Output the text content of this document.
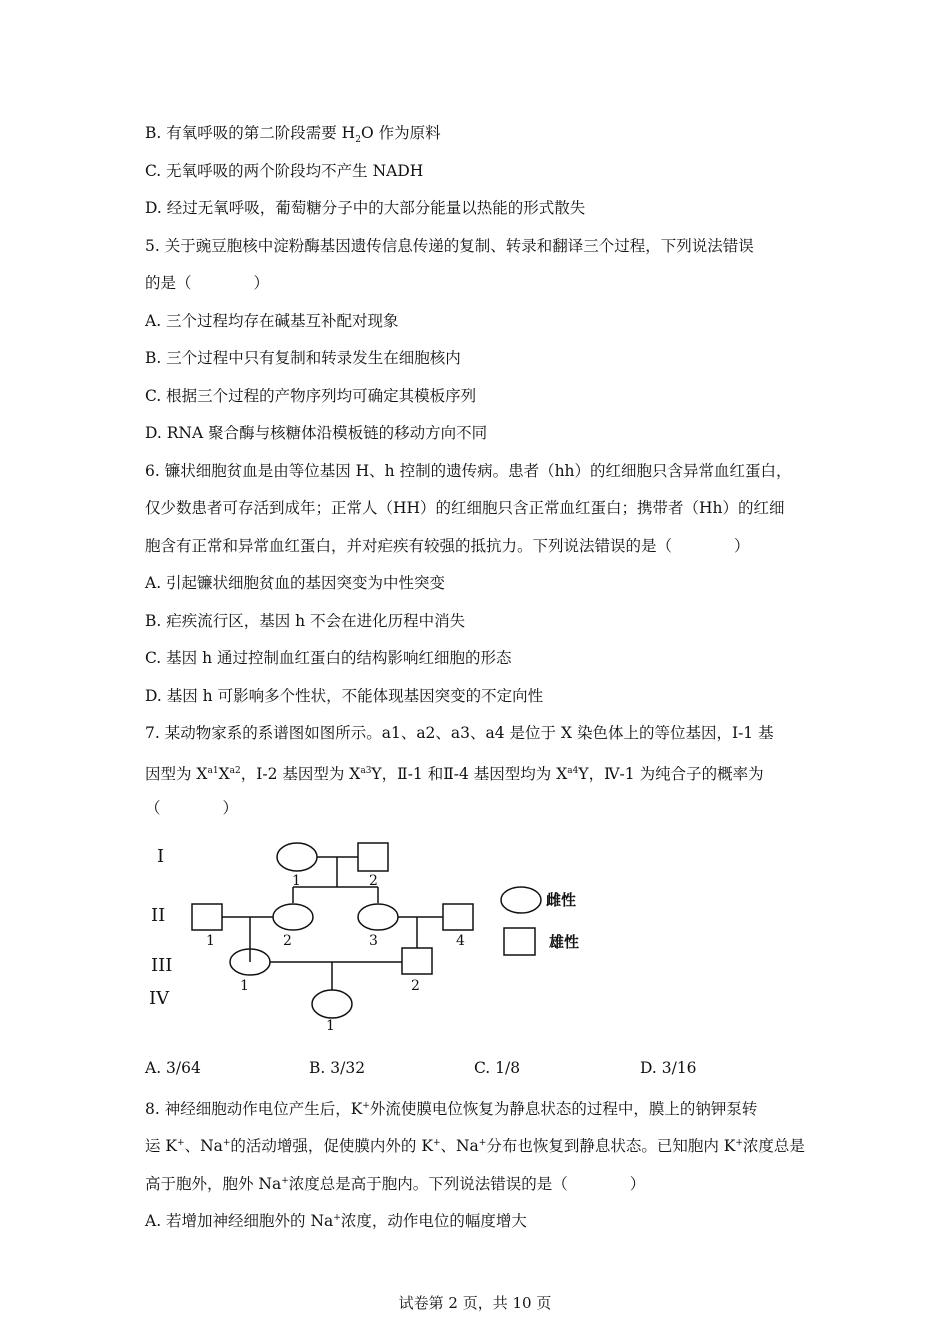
B. 有氧呼吸的第二阶段需要 $H_2O$ 作为原料
C. 无氧呼吸的两个阶段均不产生 NADH
D. 经过无氧呼吸，葡萄糖分子中的大部分能量以热能的形式散失
5. 关于豌豆胞核中淀粉酶基因遗传信息传递的复制、转录和翻译三个过程，下列说法错误
的是（　　　　）
A. 三个过程均存在碱基互补配对现象
B. 三个过程中只有复制和转录发生在细胞核内
C. 根据三个过程的产物序列均可确定其模板序列
D. RNA 聚合酶与核糖体沿模板链的移动方向不同
6. 镰状细胞贫血是由等位基因 H、h 控制的遗传病。患者（hh）的红细胞只含异常血红蛋白，
仅少数患者可存活到成年；正常人（HH）的红细胞只含正常血红蛋白；携带者（Hh）的红细
胞含有正常和异常血红蛋白，并对疟疾有较强的抵抗力。下列说法错误的是（　　　　）
A. 引起镰状细胞贫血的基因突变为中性突变
B. 疟疾流行区，基因 h 不会在进化历程中消失
C. 基因 h 通过控制血红蛋白的结构影响红细胞的形态
D. 基因 h 可影响多个性状，不能体现基因突变的不定向性
7. 某动物家系的系谱图如图所示。a1、a2、a3、a4 是位于 X 染色体上的等位基因，Ⅰ-1 基
因型为 $X^{a1}X^{a2}$，Ⅰ-2 基因型为 $X^{a3}Y$，Ⅱ-1 和Ⅱ-4 基因型均为 $X^{a4}Y$，Ⅳ-1 为纯合子的概率为
（　　　　）
I
II
III
IV
1	2
1	2	3	4
1	2
1
雌性
雄性
A. 3/64	B. 3/32	C. 1/8	D. 3/16
8. 神经细胞动作电位产生后，K+外流使膜电位恢复为静息状态的过程中，膜上的钠钾泵转
运 K+、Na+的活动增强，促使膜内外的 K+、Na+分布也恢复到静息状态。已知胞内 K+浓度总是
高于胞外，胞外 Na+浓度总是高于胞内。下列说法错误的是（　　　　）
A. 若增加神经细胞外的 Na+浓度，动作电位的幅度增大
试卷第 2 页，共 10 页
